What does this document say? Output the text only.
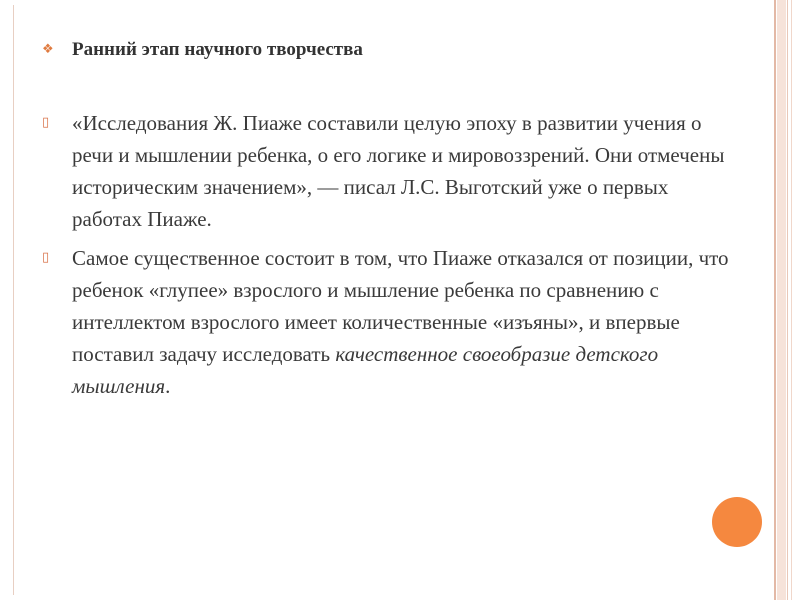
❖ Ранний этап научного творчества
▯	«Исследования Ж. Пиаже составили целую эпоху в развитии учения о речи и мышлении ребенка, о его логике и мировоззрений. Они отмечены историческим значением», — писал Л.С. Выготский уже о первых работах Пиаже.
▯	Самое существенное состоит в том, что Пиаже отказался от позиции, что ребенок «глупее» взрослого и мышление ребенка по сравнению с интеллектом взрослого имеет количественные «изъяны», и впервые поставил задачу исследовать качественное своеобразие детского мышления.
